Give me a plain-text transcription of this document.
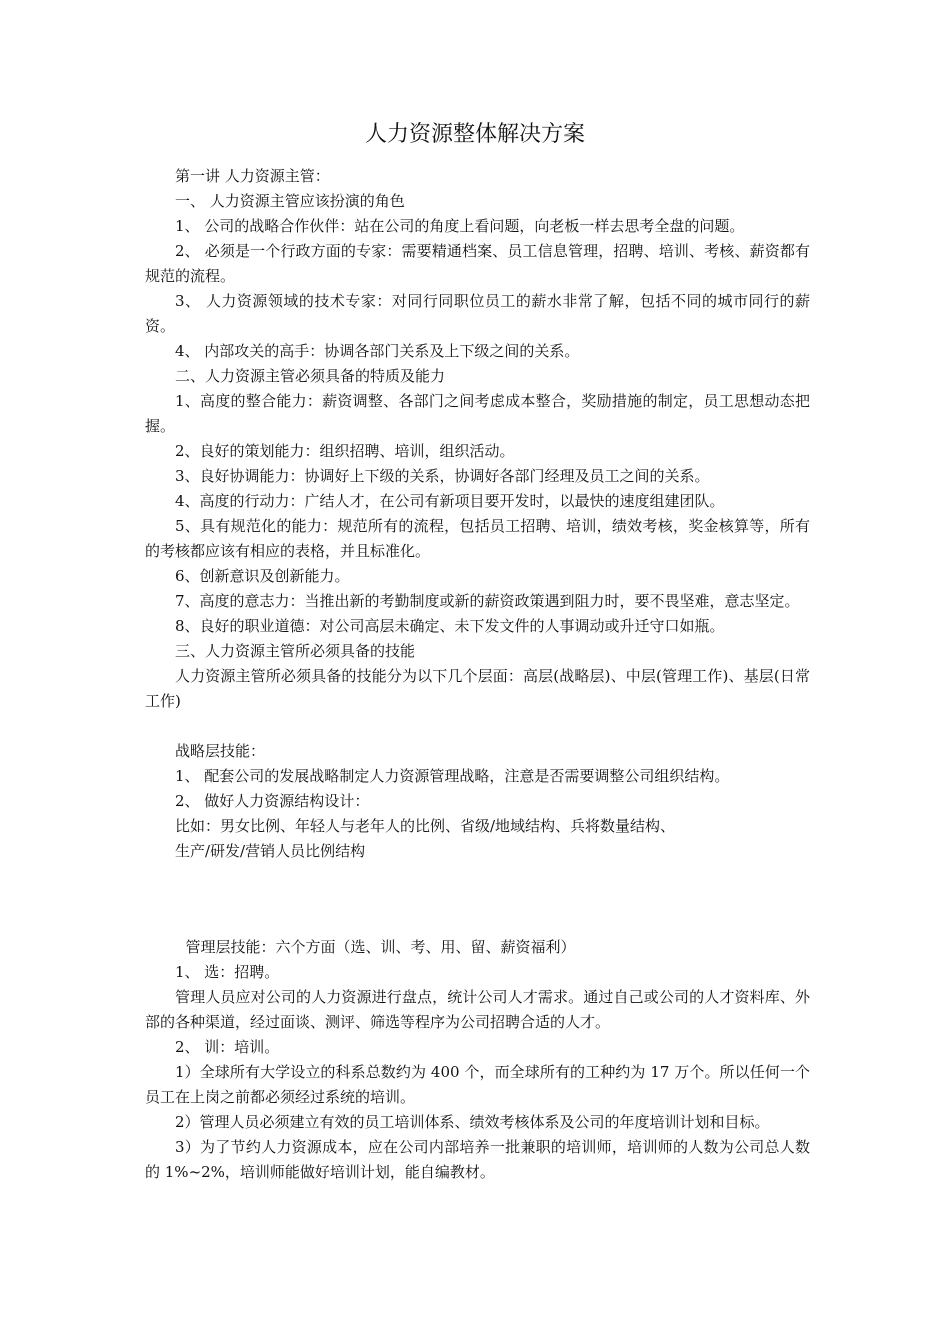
人力资源整体解决方案

第一讲 人力资源主管：

一、 人力资源主管应该扮演的角色

1、 公司的战略合作伙伴：站在公司的角度上看问题，向老板一样去思考全盘的问题。

2、 必须是一个行政方面的专家：需要精通档案、员工信息管理，招聘、培训、考核、薪资都有规范的流程。

3、 人力资源领域的技术专家：对同行同职位员工的薪水非常了解，包括不同的城市同行的薪资。

4、 内部攻关的高手：协调各部门关系及上下级之间的关系。

二、人力资源主管必须具备的特质及能力

1、高度的整合能力：薪资调整、各部门之间考虑成本整合，奖励措施的制定，员工思想动态把握。

2、良好的策划能力：组织招聘、培训，组织活动。

3、良好协调能力：协调好上下级的关系，协调好各部门经理及员工之间的关系。

4、高度的行动力：广结人才，在公司有新项目要开发时，以最快的速度组建团队。

5、具有规范化的能力：规范所有的流程，包括员工招聘、培训，绩效考核，奖金核算等，所有的考核都应该有相应的表格，并且标准化。

6、创新意识及创新能力。

7、高度的意志力：当推出新的考勤制度或新的薪资政策遇到阻力时，要不畏坚难，意志坚定。

8、良好的职业道德：对公司高层未确定、未下发文件的人事调动或升迁守口如瓶。

三、人力资源主管所必须具备的技能

人力资源主管所必须具备的技能分为以下几个层面：高层(战略层)、中层(管理工作)、基层(日常工作)

战略层技能：

1、 配套公司的发展战略制定人力资源管理战略，注意是否需要调整公司组织结构。

2、 做好人力资源结构设计：

比如：男女比例、年轻人与老年人的比例、省级/地域结构、兵将数量结构、

生产/研发/营销人员比例结构

管理层技能：六个方面（选、训、考、用、留、薪资福利）

1、 选：招聘。

管理人员应对公司的人力资源进行盘点，统计公司人才需求。通过自己或公司的人才资料库、外部的各种渠道，经过面谈、测评、筛选等程序为公司招聘合适的人才。

2、 训：培训。

1）全球所有大学设立的科系总数约为 400 个，而全球所有的工种约为 17 万个。所以任何一个员工在上岗之前都必须经过系统的培训。

2）管理人员必须建立有效的员工培训体系、绩效考核体系及公司的年度培训计划和目标。

3）为了节约人力资源成本，应在公司内部培养一批兼职的培训师，培训师的人数为公司总人数的 1%~2%，培训师能做好培训计划，能自编教材。
